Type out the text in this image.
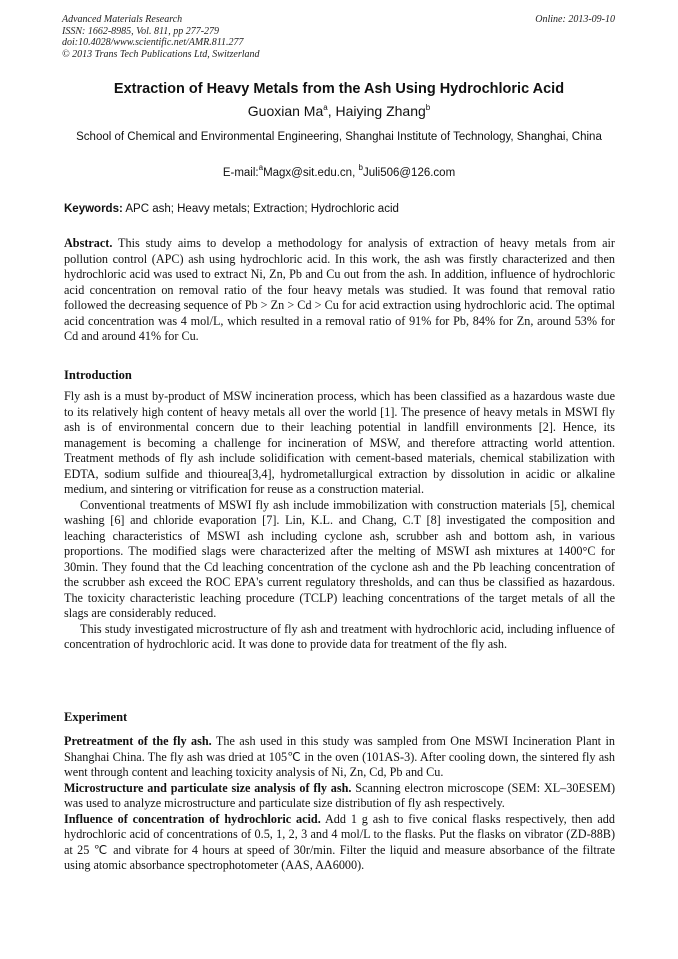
Advanced Materials Research
ISSN: 1662-8985, Vol. 811, pp 277-279
doi:10.4028/www.scientific.net/AMR.811.277
© 2013 Trans Tech Publications Ltd, Switzerland
Online: 2013-09-10
Extraction of Heavy Metals from the Ash Using Hydrochloric Acid
Guoxian Ma$^a$, Haiying Zhang$^b$
School of Chemical and Environmental Engineering, Shanghai Institute of Technology, Shanghai, China
E-mail:$^a$Magx@sit.edu.cn, $^b$Juli506@126.com
Keywords: APC ash; Heavy metals; Extraction; Hydrochloric acid

Abstract. This study aims to develop a methodology for analysis of extraction of heavy metals from air pollution control (APC) ash using hydrochloric acid. In this work, the ash was firstly characterized and then hydrochloric acid was used to extract Ni, Zn, Pb and Cu out from the ash. In addition, influence of hydrochloric acid concentration on removal ratio of the four heavy metals was studied. It was found that removal ratio followed the decreasing sequence of Pb > Zn > Cd > Cu for acid extraction using hydrochloric acid. The optimal acid concentration was 4 mol/L, which resulted in a removal ratio of 91% for Pb, 84% for Zn, around 53% for Cd and around 41% for Cu.

Introduction

Fly ash is a must by-product of MSW incineration process, which has been classified as a hazardous waste due to its relatively high content of heavy metals all over the world [1]. The presence of heavy metals in MSWI fly ash is of environmental concern due to their leaching potential in landfill environments [2]. Hence, its management is becoming a challenge for incineration of MSW, and therefore attracting world attention. Treatment methods of fly ash include solidification with cement-based materials, chemical stabilization with EDTA, sodium sulfide and thiourea[3,4], hydrometallurgical extraction by dissolution in acidic or alkaline medium, and sintering or vitrification for reuse as a construction material.

Conventional treatments of MSWI fly ash include immobilization with construction materials [5], chemical washing [6] and chloride evaporation [7]. Lin, K.L. and Chang, C.T [8] investigated the composition and leaching characteristics of MSWI ash including cyclone ash, scrubber ash and bottom ash, in various proportions. The modified slags were characterized after the melting of MSWI ash mixtures at 1400°C for 30min. They found that the Cd leaching concentration of the cyclone ash and the Pb leaching concentration of the scrubber ash exceed the ROC EPA's current regulatory thresholds, and can thus be classified as hazardous. The toxicity characteristic leaching procedure (TCLP) leaching concentrations of the target metals of all the slags are considerably reduced.

This study investigated microstructure of fly ash and treatment with hydrochloric acid, including influence of concentration of hydrochloric acid. It was done to provide data for treatment of the fly ash.

Experiment

Pretreatment of the fly ash. The ash used in this study was sampled from One MSWI Incineration Plant in Shanghai China. The fly ash was dried at 105℃ in the oven (101AS-3). After cooling down, the sintered fly ash went through content and leaching toxicity analysis of Ni, Zn, Cd, Pb and Cu.

Microstructure and particulate size analysis of fly ash. Scanning electron microscope (SEM: XL–30ESEM) was used to analyze microstructure and particulate size distribution of fly ash respectively.

Influence of concentration of hydrochloric acid. Add 1 g ash to five conical flasks respectively, then add hydrochloric acid of concentrations of 0.5, 1, 2, 3 and 4 mol/L to the flasks. Put the flasks on vibrator (ZD-88B) at 25 ℃ and vibrate for 4 hours at speed of 30r/min. Filter the liquid and measure absorbance of the filtrate using atomic absorbance spectrophotometer (AAS, AA6000).
